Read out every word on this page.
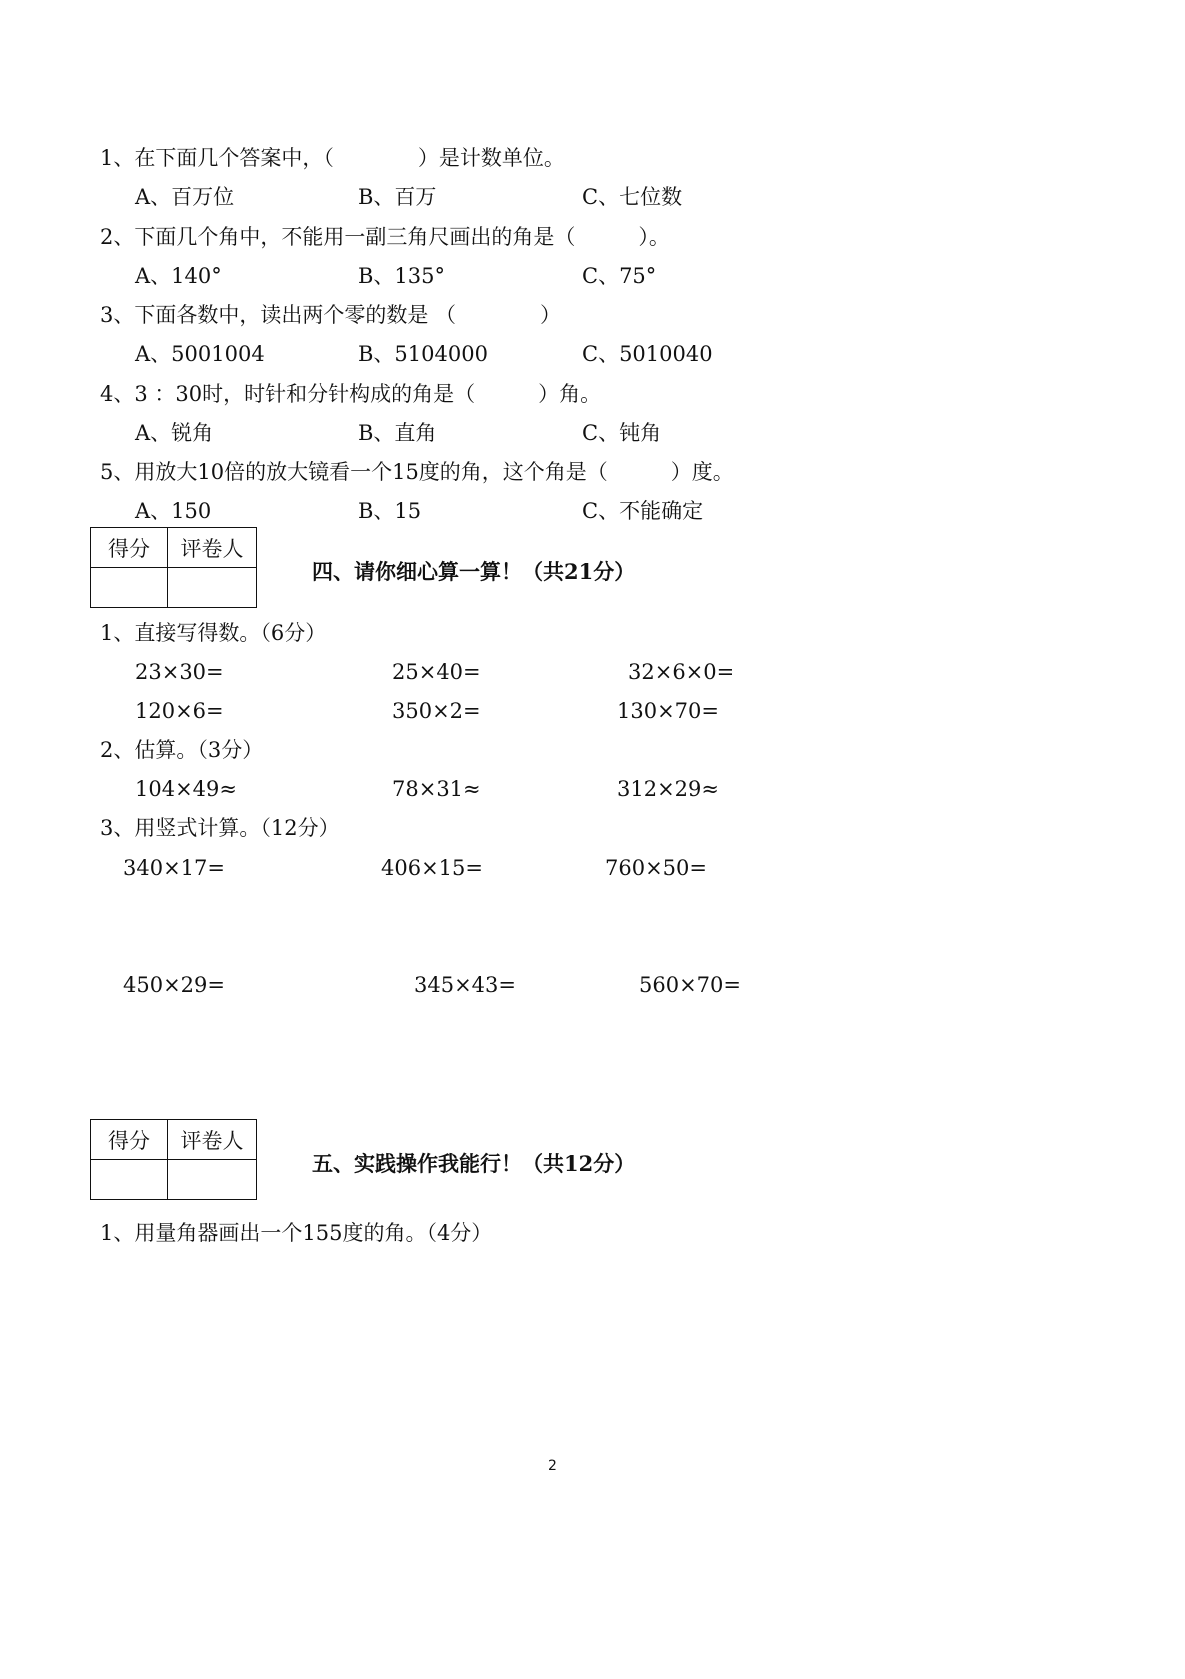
1、在下面几个答案中，（　　　　）是计数单位。
A、百万位	B、百万	C、七位数
2、下面几个角中，不能用一副三角尺画出的角是（　　　）。
A、140°	B、135°	C、75°
3、下面各数中，读出两个零的数是 （　　　　）
A、5001004	B、5104000	C、5010040
4、3 ：30时，时针和分针构成的角是（　　　）角。
A、锐角	B、直角	C、钝角
5、用放大10倍的放大镜看一个15度的角，这个角是（　　　）度。
A、150	B、15	C、不能确定
得分	评卷人

四、请你细心算一算！（共21分）
1、直接写得数。（6分）
23×30=	25×40=	32×6×0=
120×6=	350×2=	130×70=
2、估算。（3分）
104×49≈	78×31≈	312×29≈
3、用竖式计算。（12分）
340×17=	406×15=	760×50=
450×29=	345×43=	560×70=
得分	评卷人

五、实践操作我能行！（共12分）
1、用量角器画出一个155度的角。（4分）
2
